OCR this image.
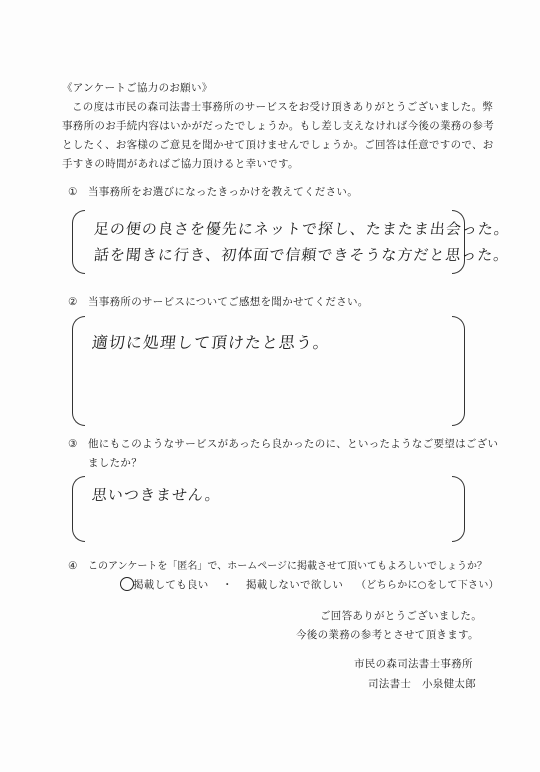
《アンケートご協力のお願い》
この度は市民の森司法書士事務所のサービスをお受け頂きありがとうございました。弊
事務所のお手続内容はいかがだったでしょうか。もし差し支えなければ今後の業務の参考
としたく、お客様のご意見を聞かせて頂けませんでしょうか。ご回答は任意ですので、お
手すきの時間があればご協力頂けると幸いです。
① 当事務所をお選びになったきっかけを教えてください。
足の便の良さを優先にネットで探し、たまたま出会った。
話を聞きに行き、初体面で信頼できそうな方だと思った。
② 当事務所のサービスについてご感想を聞かせてください。
適切に処理して頂けたと思う。
③ 他にもこのようなサービスがあったら良かったのに、といったようなご要望はござい
ましたか？
思いつきません。
④ このアンケートを「匿名」で、ホームページに掲載させて頂いてもよろしいでしょうか？
掲載しても良い ・ 掲載しないで欲しい （どちらかに○をして下さい）
ご回答ありがとうございました。
今後の業務の参考とさせて頂きます。
市民の森司法書士事務所
司法書士　小泉健太郎
